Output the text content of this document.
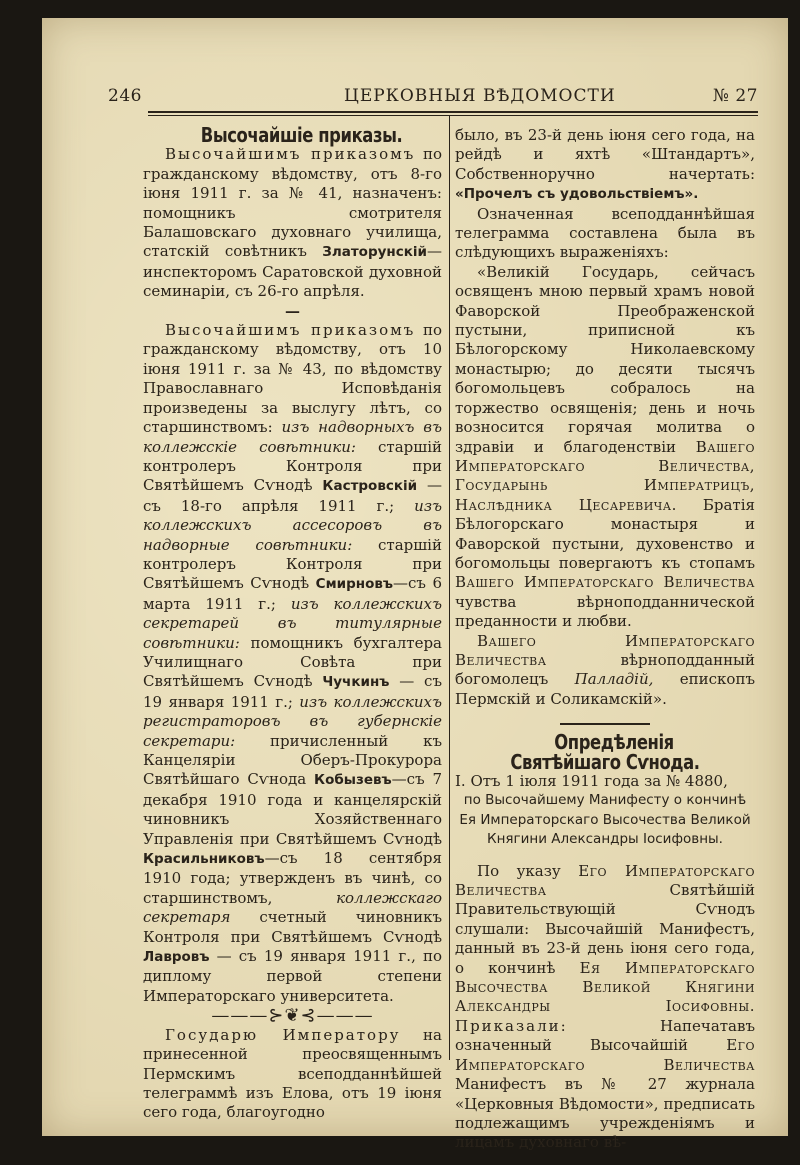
246	ЦЕРКОВНЫЯ ВѢДОМОСТИ	№ 27

Высочайшіе приказы.

Высочайшимъ приказомъ по гражданскому вѣдомству, отъ 8-го іюня 1911 г. за № 41, назначенъ: помощникъ смотрителя Балашовскаго духовнаго училища, статскій совѣтникъ Златорунскій—инспекторомъ Саратовской духовной семинаріи, съ 26-го апрѣля.

—

Высочайшимъ приказомъ по гражданскому вѣдомству, отъ 10 іюня 1911 г. за № 43, по вѣдомству Православнаго Исповѣданія произведены за выслугу лѣтъ, со старшинствомъ: изъ надворныхъ въ коллежскіе совѣтники: старшій контролеръ Контроля при Святѣйшемъ Сѵнодѣ Кастровскій — съ 18-го апрѣля 1911 г.; изъ коллежскихъ ассесоровъ въ надворные совѣтники: старшій контролеръ Контроля при Святѣйшемъ Сѵнодѣ Смирновъ—съ 6 марта 1911 г.; изъ коллежскихъ секретарей въ титулярные совѣтники: помощникъ бухгалтера Училищнаго Совѣта при Святѣйшемъ Сѵнодѣ Чучкинъ — съ 19 января 1911 г.; изъ коллежскихъ регистраторовъ въ губернскіе секретари: причисленный къ Канцеляріи Оберъ-Прокурора Святѣйшаго Сѵнода Кобызевъ—съ 7 декабря 1910 года и канцелярскій чиновникъ Хозяйственнаго Управленія при Святѣйшемъ Сѵнодѣ Красильниковъ—съ 18 сентября 1910 года; утвержденъ въ чинѣ, со старшинствомъ, коллежскаго секретаря счетный чиновникъ Контроля при Святѣйшемъ Сѵнодѣ Лавровъ — съ 19 января 1911 г., по диплому первой степени Императорскаго университета.

———⊱❦⊰———

Государю Императору на принесенной преосвященнымъ Пермскимъ всеподданнѣйшей телеграммѣ изъ Елова, отъ 19 іюня сего года, благоугодно

было, въ 23-й день іюня сего года, на рейдѣ и яхтѣ «Штандартъ», Собственноручно начертать: «Прочелъ съ удовольствіемъ».

Означенная всеподданнѣйшая телеграмма составлена была въ слѣдующихъ выраженіяхъ:

«Великій Государь, сейчасъ освященъ мною первый храмъ новой Фаворской Преображенской пустыни, приписной къ Бѣлогорскому Николаевскому монастырю; до десяти тысячъ богомольцевъ собралось на торжество освященія; день и ночь возносится горячая молитва о здравіи и благоденствіи Вашего Императорскаго Величества, Государынь Императрицъ, Наслѣдника Цесаревича. Братія Бѣлогорскаго монастыря и Фаворской пустыни, духовенство и богомольцы повергаютъ къ стопамъ Вашего Императорскаго Величества чувства вѣрноподданнической преданности и любви.

Вашего Императорскаго Величества вѣрноподданный богомолецъ Палладій, епископъ Пермскій и Соликамскій».

Опредѣленія Святѣйшаго Сѵнода.

I. Отъ 1 іюля 1911 года за № 4880,

по Высочайшему Манифесту о кончинѣ Ея Императорскаго Высочества Великой Княгини Александры Іосифовны.

По указу Его Императорскаго Величества Святѣйшій Правительствующій Сѵнодъ слушали: Высочайшій Манифестъ, данный въ 23-й день іюня сего года, о кончинѣ Ея Императорскаго Высочества Великой Княгини Александры Іосифовны. Приказали: Напечатавъ означенный Высочайшій Его Императорскаго Величества Манифестъ въ № 27 журнала «Церковныя Вѣдомости», предписать подлежащимъ учрежденіямъ и лицамъ духовнаго вѣ-
